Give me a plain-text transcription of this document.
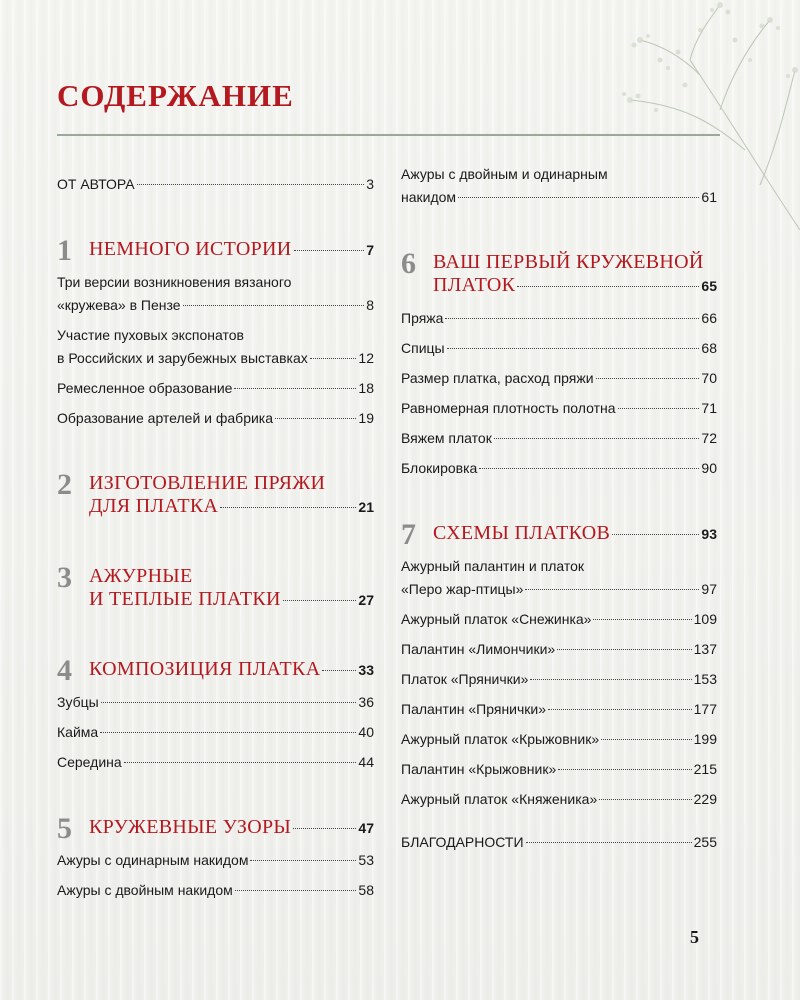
СОДЕРЖАНИЕ
ОТ АВТОРА	3
1 НЕМНОГО ИСТОРИИ	7
Три версии возникновения вязаного
«кружева» в Пензе	8
Участие пуховых экспонатов
в Российских и зарубежных выставках	12
Ремесленное образование	18
Образование артелей и фабрика	19
2 ИЗГОТОВЛЕНИЕ ПРЯЖИ
ДЛЯ ПЛАТКА	21
3 АЖУРНЫЕ
И ТЕПЛЫЕ ПЛАТКИ	27
4 КОМПОЗИЦИЯ ПЛАТКА	33
Зубцы	36
Кайма	40
Середина	44
5 КРУЖЕВНЫЕ УЗОРЫ	47
Ажуры с одинарным накидом	53
Ажуры с двойным накидом	58
Ажуры с двойным и одинарным
накидом	61
6 ВАШ ПЕРВЫЙ КРУЖЕВНОЙ
ПЛАТОК	65
Пряжа	66
Спицы	68
Размер платка, расход пряжи	70
Равномерная плотность полотна	71
Вяжем платок	72
Блокировка	90
7 СХЕМЫ ПЛАТКОВ	93
Ажурный палантин и платок
«Перо жар-птицы»	97
Ажурный платок «Снежинка»	109
Палантин «Лимончики»	137
Платок «Прянички»	153
Палантин «Прянички»	177
Ажурный платок «Крыжовник»	199
Палантин «Крыжовник»	215
Ажурный платок «Княженика»	229
БЛАГОДАРНОСТИ	255
5
